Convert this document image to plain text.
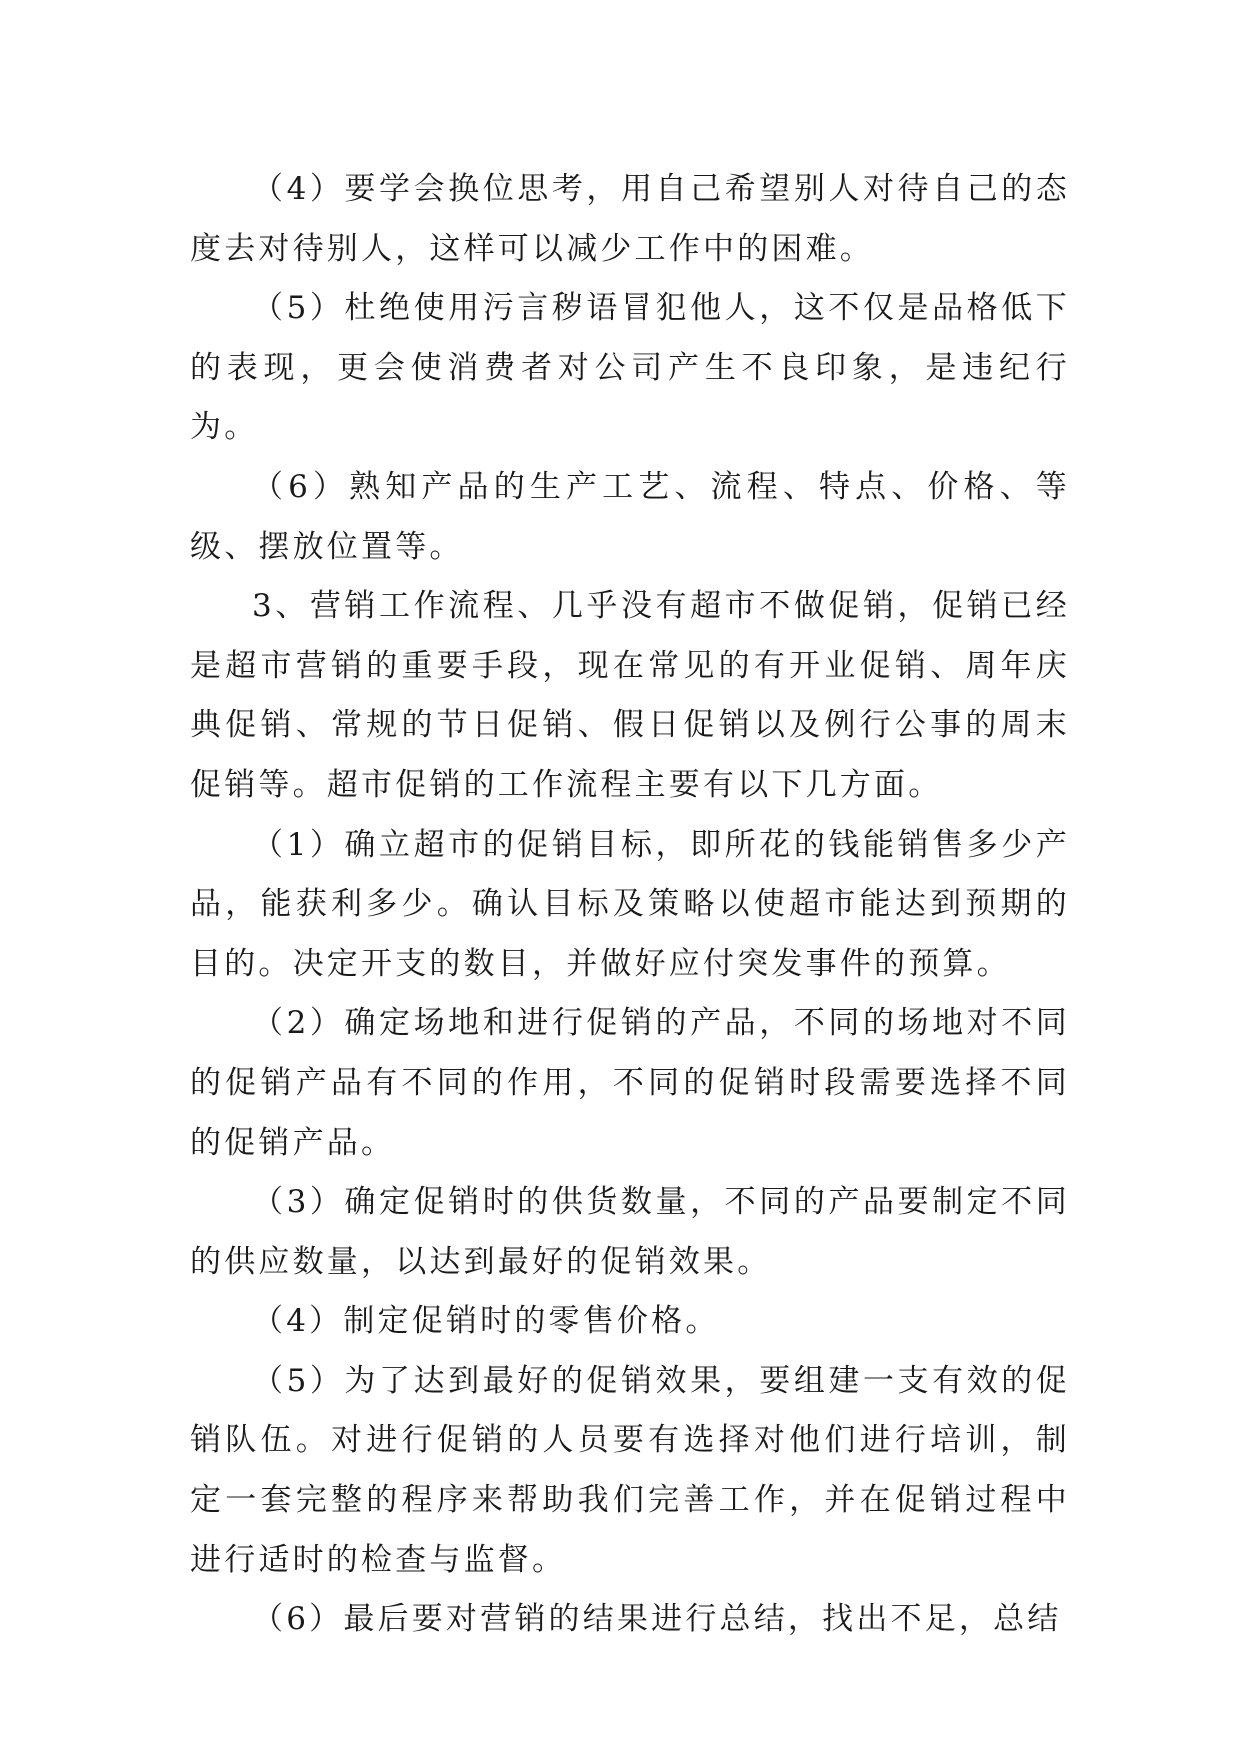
（4）要学会换位思考，用自己希望别人对待自己的态度去对待别人，这样可以减少工作中的困难。

（5）杜绝使用污言秽语冒犯他人，这不仅是品格低下的表现，更会使消费者对公司产生不良印象，是违纪行为。

（6）熟知产品的生产工艺、流程、特点、价格、等级、摆放位置等。

3、营销工作流程、几乎没有超市不做促销，促销已经是超市营销的重要手段，现在常见的有开业促销、周年庆典促销、常规的节日促销、假日促销以及例行公事的周末促销等。超市促销的工作流程主要有以下几方面。

（1）确立超市的促销目标，即所花的钱能销售多少产品，能获利多少。确认目标及策略以使超市能达到预期的目的。决定开支的数目，并做好应付突发事件的预算。

（2）确定场地和进行促销的产品，不同的场地对不同的促销产品有不同的作用，不同的促销时段需要选择不同的促销产品。

（3）确定促销时的供货数量，不同的产品要制定不同的供应数量，以达到最好的促销效果。

（4）制定促销时的零售价格。

（5）为了达到最好的促销效果，要组建一支有效的促销队伍。对进行促销的人员要有选择对他们进行培训，制定一套完整的程序来帮助我们完善工作，并在促销过程中进行适时的检查与监督。

（6）最后要对营销的结果进行总结，找出不足，总结
